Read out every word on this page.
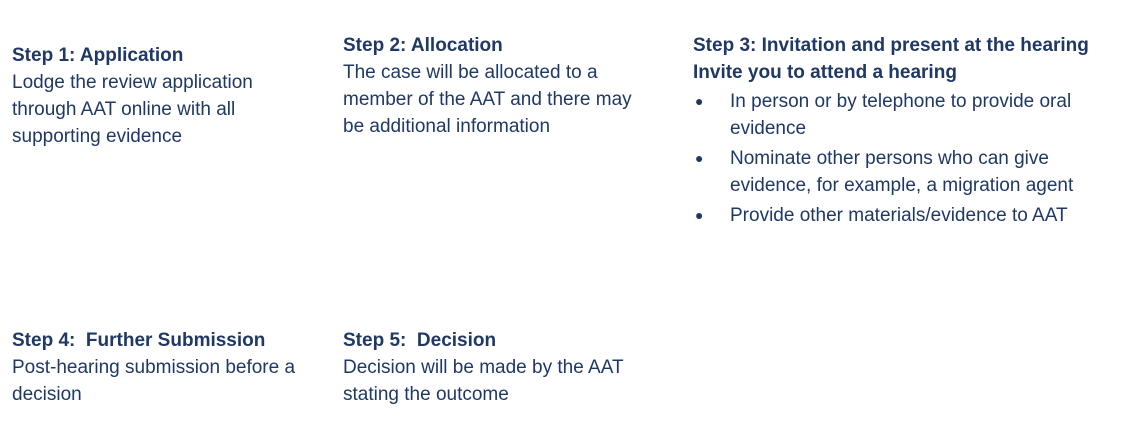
Step 1: Application
Lodge the review application through AAT online with all supporting evidence
Step 2: Allocation
The case will be allocated to a member of the AAT and there may be additional information
Step 3: Invitation and present at the hearing
Invite you to attend a hearing
● In person or by telephone to provide oral evidence
● Nominate other persons who can give evidence, for example, a migration agent
● Provide other materials/evidence to AAT
Step 4:  Further Submission
Post-hearing submission before a decision
Step 5:  Decision
Decision will be made by the AAT stating the outcome
